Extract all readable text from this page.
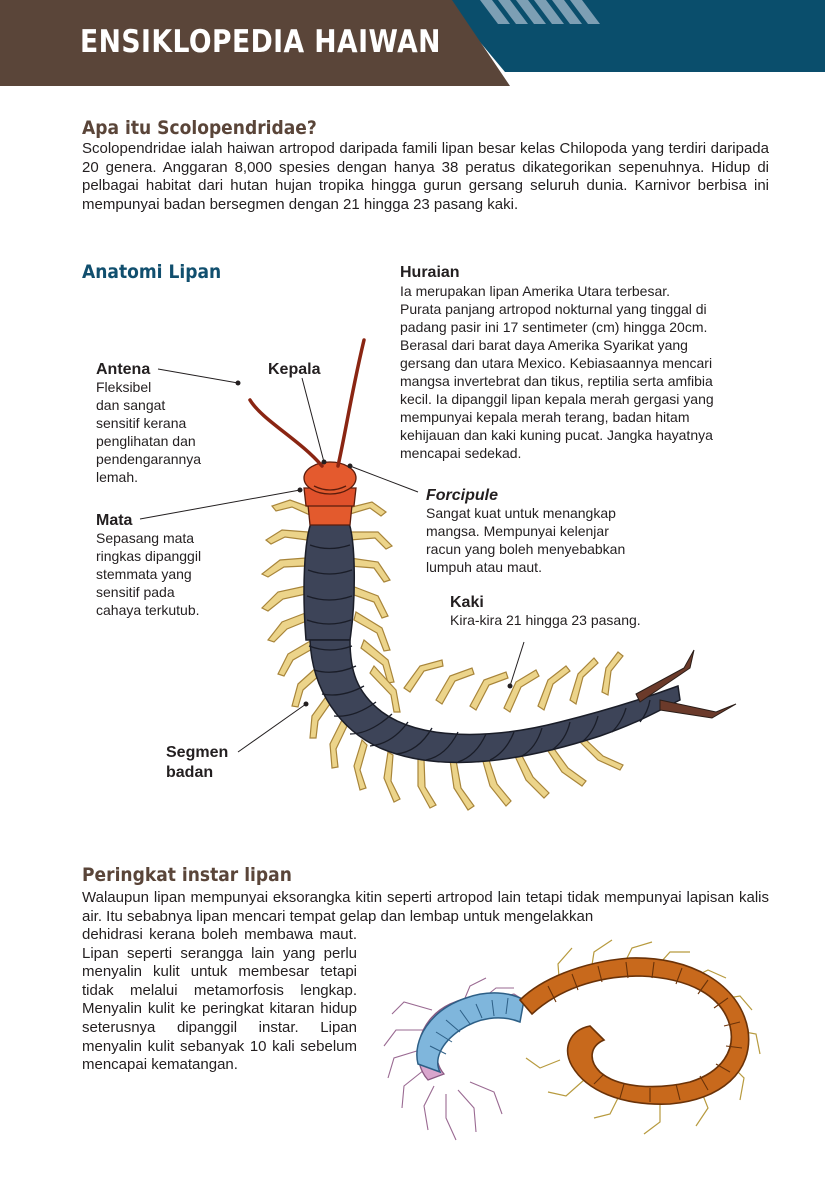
ENSIKLOPEDIA HAIWAN
Apa itu Scolopendridae?
Scolopendridae ialah haiwan artropod daripada famili lipan besar kelas Chilopoda yang terdiri daripada 20 genera. Anggaran 8,000 spesies dengan hanya 38 peratus dikategorikan sepenuhnya. Hidup di pelbagai habitat dari hutan hujan tropika hingga gurun gersang seluruh dunia. Karnivor berbisa ini mempunyai badan bersegmen dengan 21 hingga 23 pasang kaki.
Anatomi Lipan	Huraian
Ia merupakan lipan Amerika Utara terbesar.
Purata panjang artropod nokturnal yang tinggal di
padang pasir ini 17 sentimeter (cm) hingga 20cm.
Berasal dari barat daya Amerika Syarikat yang
gersang dan utara Mexico. Kebiasaannya mencari
mangsa invertebrat dan tikus, reptilia serta amfibia
kecil. Ia dipanggil lipan kepala merah gergasi yang
mempunyai kepala merah terang, badan hitam
kehijauan dan kaki kuning pucat. Jangka hayatnya
mencapai sedekad.
Antena
Fleksibel
dan sangat
sensitif kerana
penglihatan dan
pendengarannya
lemah.
Kepala
Mata
Sepasang mata
ringkas dipanggil
stemmata yang
sensitif pada
cahaya terkutub.
Forcipule
Sangat kuat untuk menangkap
mangsa. Mempunyai kelenjar
racun yang boleh menyebabkan
lumpuh atau maut.
Kaki
Kira-kira 21 hingga 23 pasang.
Segmen
badan
Peringkat instar lipan
Walaupun lipan mempunyai eksorangka kitin seperti artropod lain tetapi tidak mempunyai lapisan kalis air. Itu sebabnya lipan mencari tempat gelap dan lembap untuk mengelakkan
dehidrasi kerana boleh membawa maut. Lipan seperti serangga lain yang perlu menyalin kulit untuk membesar tetapi tidak melalui metamorfosis lengkap. Menyalin kulit ke peringkat kitaran hidup seterusnya dipanggil instar. Lipan menyalin kulit sebanyak 10 kali sebelum mencapai kematangan.
